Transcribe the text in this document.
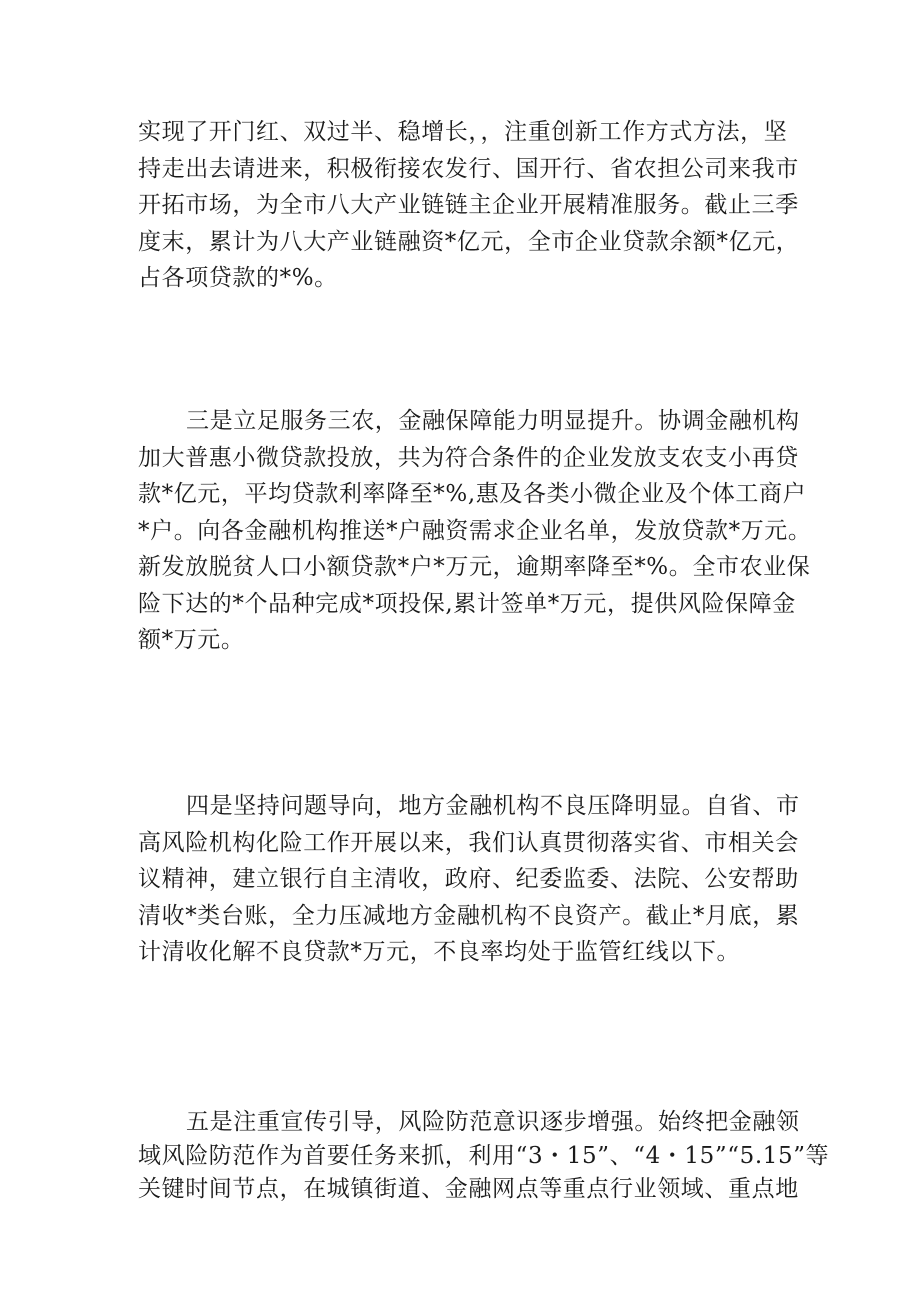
实现了开门红、双过半、稳增长，，注重创新工作方式方法，坚
持走出去请进来，积极衔接农发行、国开行、省农担公司来我市
开拓市场，为全市八大产业链链主企业开展精准服务。截止三季
度末，累计为八大产业链融资*亿元，全市企业贷款余额*亿元，
占各项贷款的*%。
三是立足服务三农，金融保障能力明显提升。协调金融机构
加大普惠小微贷款投放，共为符合条件的企业发放支农支小再贷
款*亿元，平均贷款利率降至*%,惠及各类小微企业及个体工商户
*户。向各金融机构推送*户融资需求企业名单，发放贷款*万元。
新发放脱贫人口小额贷款*户*万元，逾期率降至*%。全市农业保
险下达的*个品种完成*项投保,累计签单*万元，提供风险保障金
额*万元。
四是坚持问题导向，地方金融机构不良压降明显。自省、市
高风险机构化险工作开展以来，我们认真贯彻落实省、市相关会
议精神，建立银行自主清收，政府、纪委监委、法院、公安帮助
清收*类台账，全力压减地方金融机构不良资产。截止*月底，累
计清收化解不良贷款*万元，不良率均处于监管红线以下。
五是注重宣传引导，风险防范意识逐步增强。始终把金融领
域风险防范作为首要任务来抓，利用“3・15”、“4・15”“5.15”等
关键时间节点，在城镇街道、金融网点等重点行业领域、重点地
